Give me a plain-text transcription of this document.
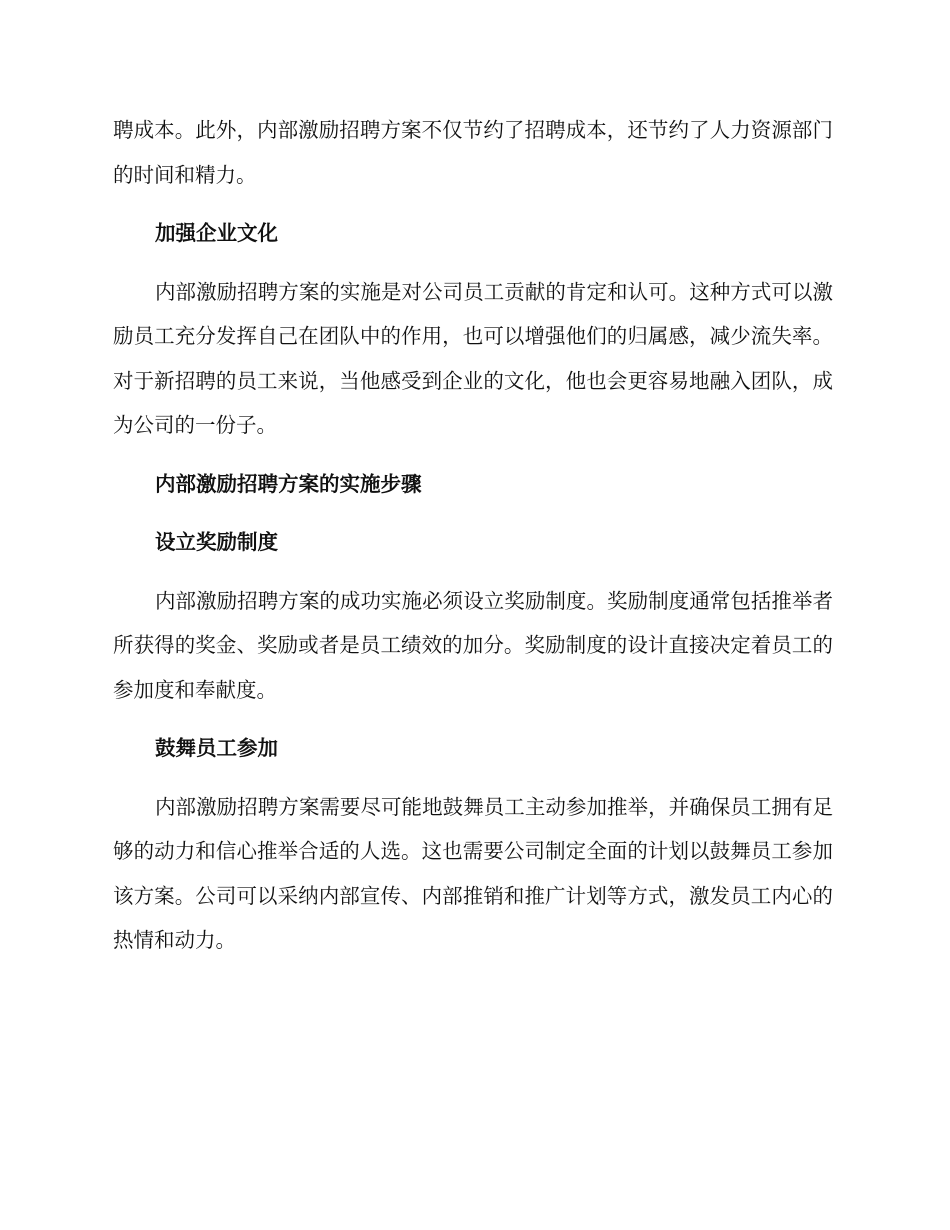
聘成本。此外，内部激励招聘方案不仅节约了招聘成本，还节约了人力资源部门的时间和精力。

加强企业文化

内部激励招聘方案的实施是对公司员工贡献的肯定和认可。这种方式可以激励员工充分发挥自己在团队中的作用，也可以增强他们的归属感，减少流失率。对于新招聘的员工来说，当他感受到企业的文化，他也会更容易地融入团队，成为公司的一份子。

内部激励招聘方案的实施步骤
设立奖励制度

内部激励招聘方案的成功实施必须设立奖励制度。奖励制度通常包括推举者所获得的奖金、奖励或者是员工绩效的加分。奖励制度的设计直接决定着员工的参加度和奉献度。

鼓舞员工参加

内部激励招聘方案需要尽可能地鼓舞员工主动参加推举，并确保员工拥有足够的动力和信心推举合适的人选。这也需要公司制定全面的计划以鼓舞员工参加该方案。公司可以采纳内部宣传、内部推销和推广计划等方式，激发员工内心的热情和动力。
